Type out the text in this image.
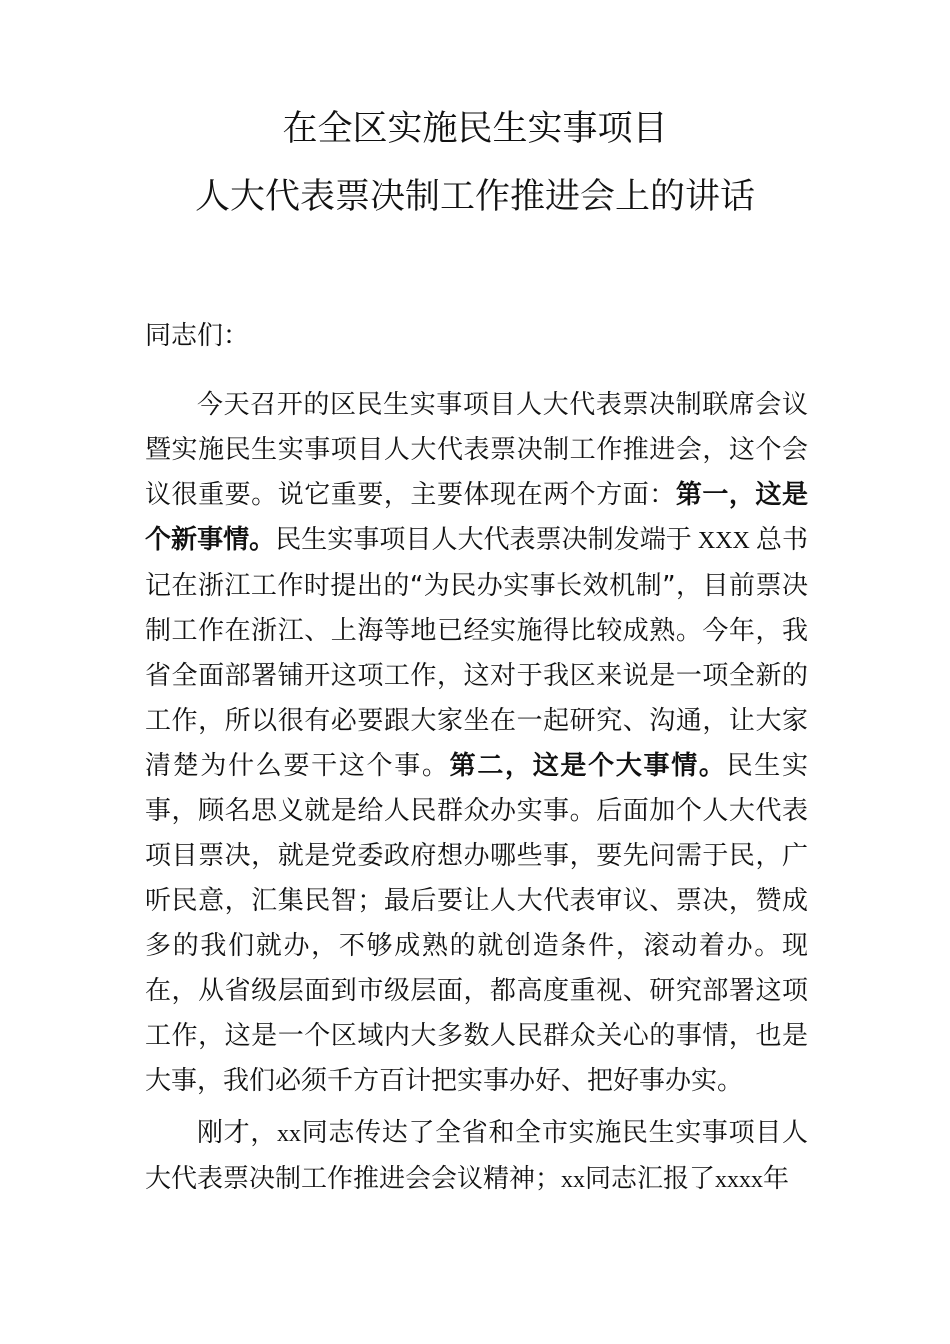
在全区实施民生实事项目
人大代表票决制工作推进会上的讲话
同志们：

今天召开的区民生实事项目人大代表票决制联席会议暨实施民生实事项目人大代表票决制工作推进会，这个会议很重要。说它重要，主要体现在两个方面：第一，这是个新事情。民生实事项目人大代表票决制发端于 XXX 总书记在浙江工作时提出的“为民办实事长效机制”，目前票决制工作在浙江、上海等地已经实施得比较成熟。今年，我省全面部署铺开这项工作，这对于我区来说是一项全新的工作，所以很有必要跟大家坐在一起研究、沟通，让大家清楚为什么要干这个事。第二，这是个大事情。民生实事，顾名思义就是给人民群众办实事。后面加个人大代表项目票决，就是党委政府想办哪些事，要先问需于民，广听民意，汇集民智；最后要让人大代表审议、票决，赞成多的我们就办，不够成熟的就创造条件，滚动着办。现在，从省级层面到市级层面，都高度重视、研究部署这项工作，这是一个区域内大多数人民群众关心的事情，也是大事，我们必须千方百计把实事办好、把好事办实。

刚才，xx同志传达了全省和全市实施民生实事项目人大代表票决制工作推进会会议精神；xx同志汇报了xxxx年
